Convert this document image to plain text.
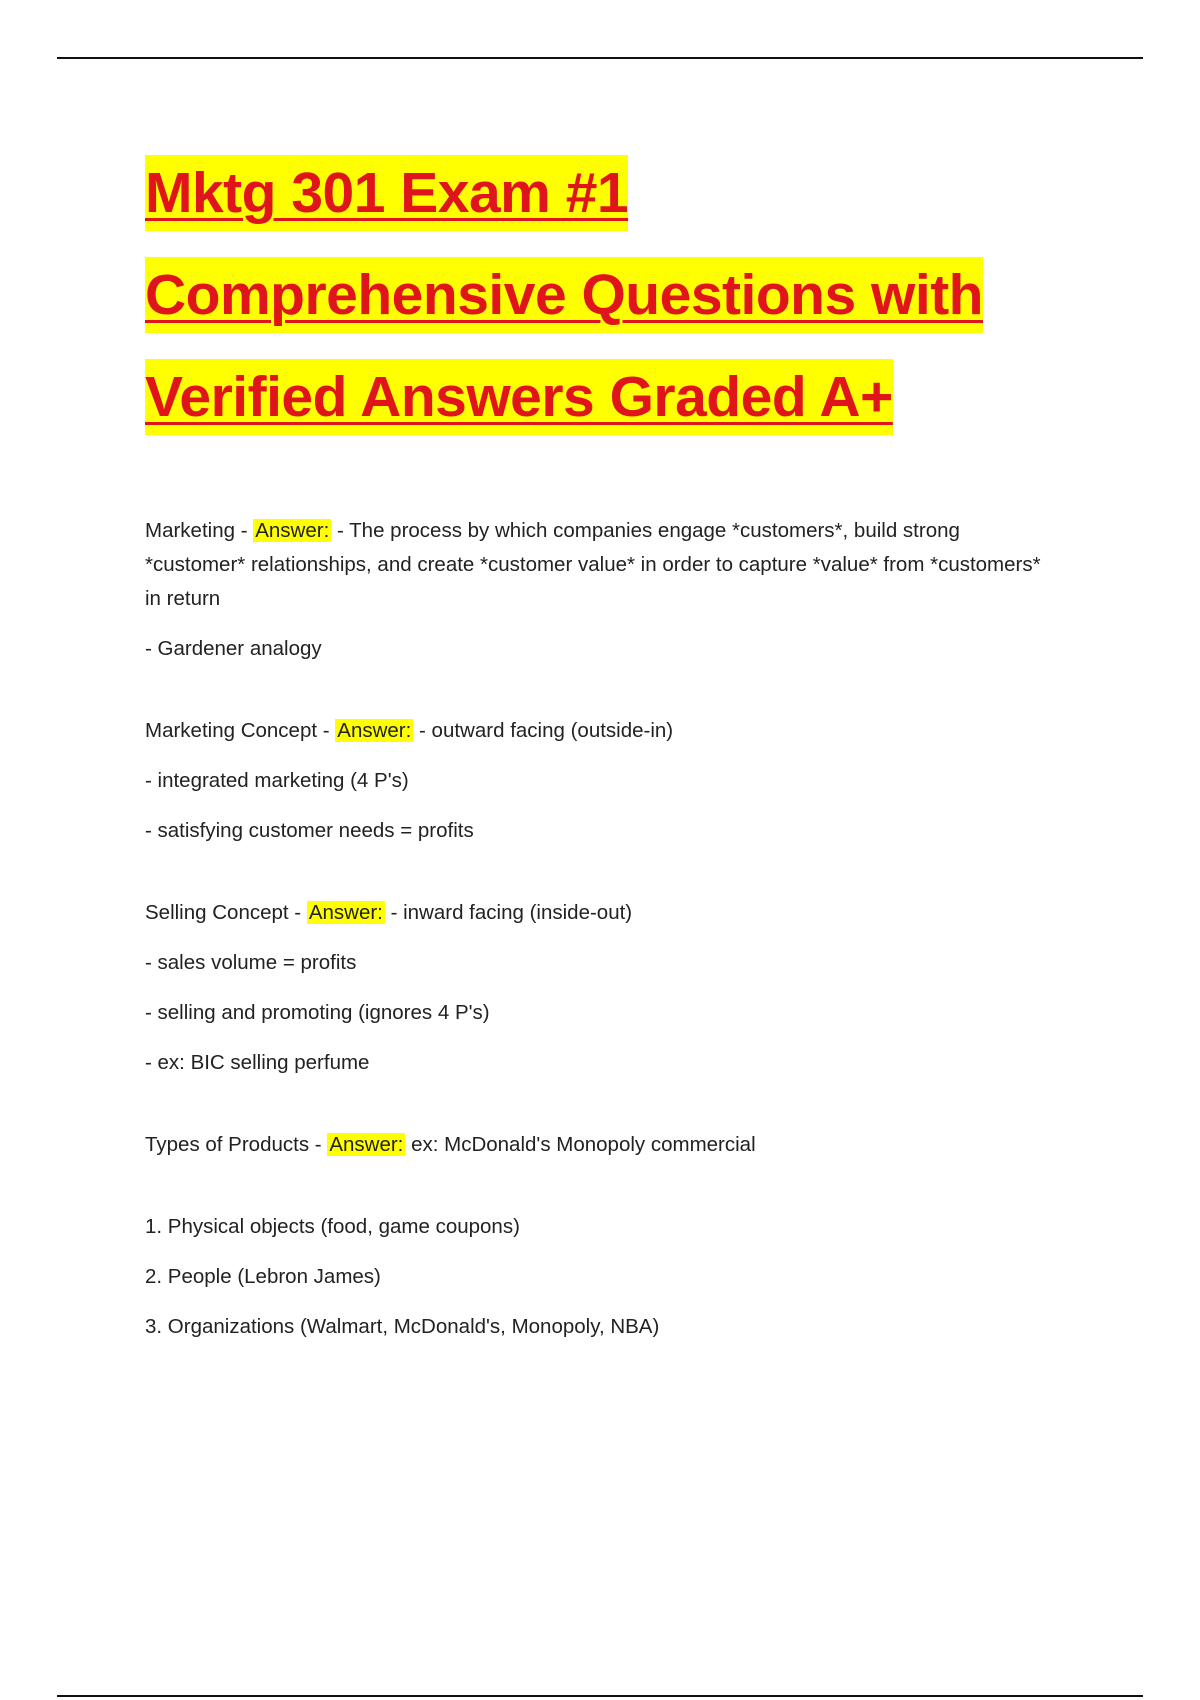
Mktg 301 Exam #1
Comprehensive Questions with
Verified Answers Graded A+

Marketing - Answer: - The process by which companies engage *customers*, build strong *customer* relationships, and create *customer value* in order to capture *value* from *customers* in return

- Gardener analogy

Marketing Concept - Answer: - outward facing (outside-in)

- integrated marketing (4 P's)

- satisfying customer needs = profits

Selling Concept - Answer: - inward facing (inside-out)

- sales volume = profits

- selling and promoting (ignores 4 P's)

- ex: BIC selling perfume

Types of Products - Answer: ex: McDonald's Monopoly commercial

1. Physical objects (food, game coupons)

2. People (Lebron James)

3. Organizations (Walmart, McDonald's, Monopoly, NBA)
